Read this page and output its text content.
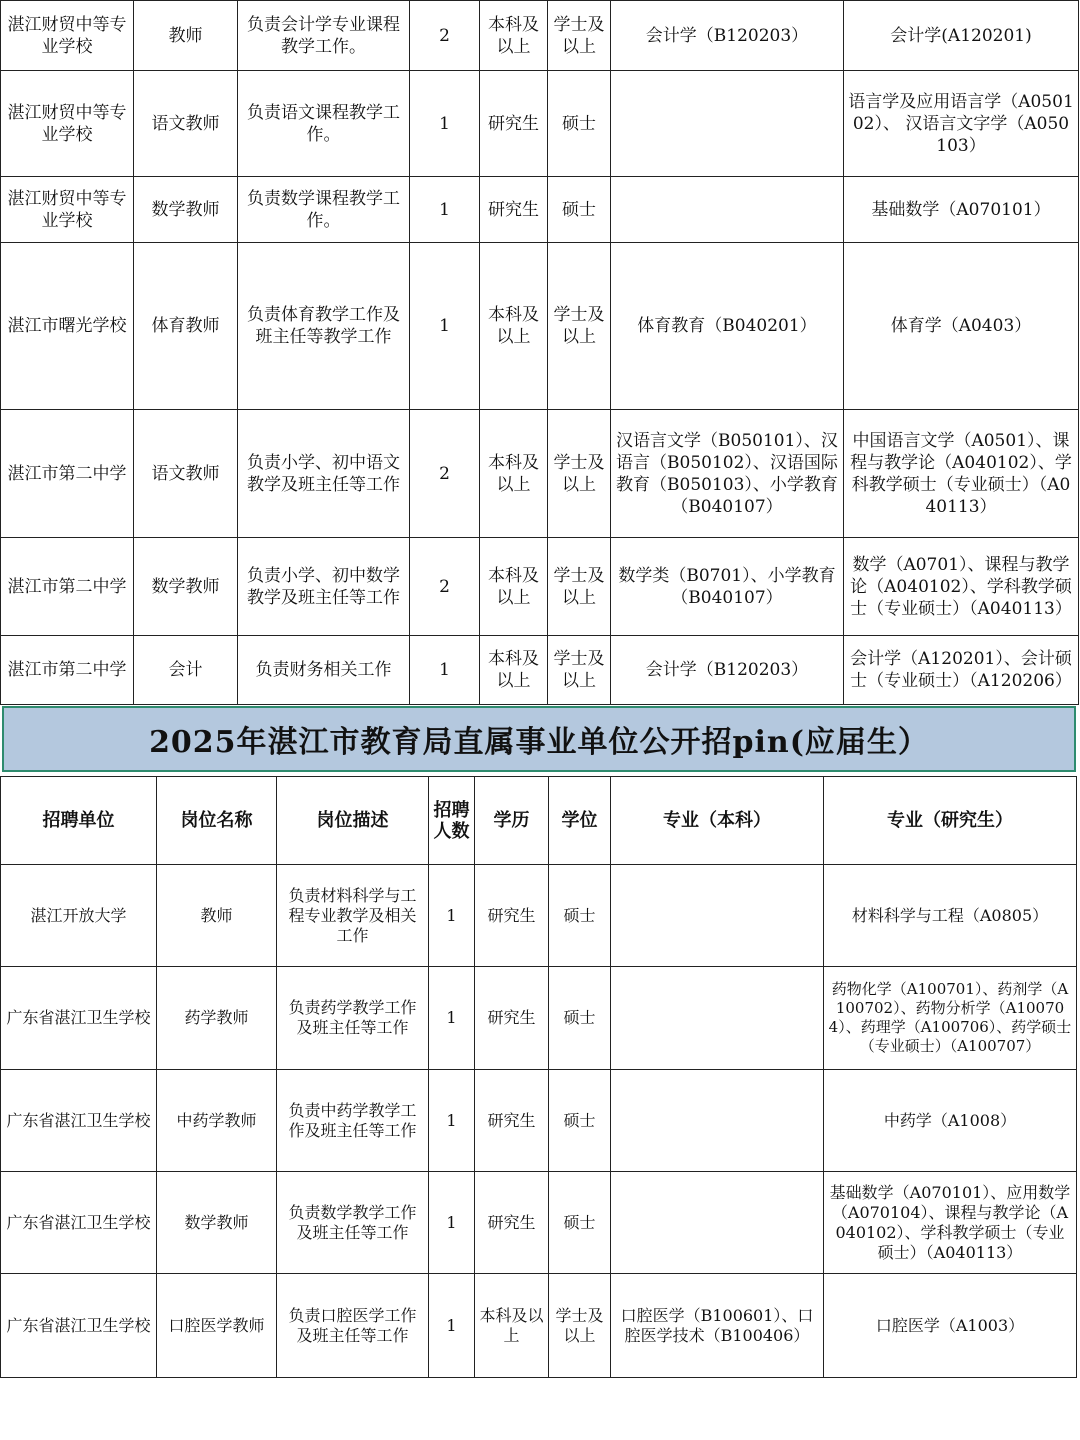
湛江财贸中等专业学校	教师	负责会计学专业课程教学工作。	2	本科及以上	学士及以上	会计学（B120203）	会计学(A120201)
湛江财贸中等专业学校	语文教师	负责语文课程教学工作。	1	研究生	硕士		语言学及应用语言学（A050102）、 汉语言文字学（A050103）
湛江财贸中等专业学校	数学教师	负责数学课程教学工作。	1	研究生	硕士		基础数学（A070101）
湛江市曙光学校	体育教师	负责体育教学工作及班主任等教学工作	1	本科及以上	学士及以上	体育教育（B040201）	体育学（A0403）
湛江市第二中学	语文教师	负责小学、初中语文教学及班主任等工作	2	本科及以上	学士及以上	汉语言文学（B050101）、汉语言（B050102）、汉语国际教育（B050103）、小学教育（B040107）	中国语言文学（A0501）、课程与教学论（A040102）、学科教学硕士（专业硕士）（A040113）
湛江市第二中学	数学教师	负责小学、初中数学教学及班主任等工作	2	本科及以上	学士及以上	数学类（B0701）、小学教育（B040107）	数学（A0701）、课程与教学论（A040102）、学科教学硕士（专业硕士）（A040113）
湛江市第二中学	会计	负责财务相关工作	1	本科及以上	学士及以上	会计学（B120203）	会计学（A120201）、会计硕士（专业硕士）（A120206）
2025年湛江市教育局直属事业单位公开招pin(应届生）
招聘单位	岗位名称	岗位描述	招聘人数	学历	学位	专业（本科）	专业（研究生）
湛江开放大学	教师	负责材料科学与工程专业教学及相关工作	1	研究生	硕士		材料科学与工程（A0805）
广东省湛江卫生学校	药学教师	负责药学教学工作及班主任等工作	1	研究生	硕士		药物化学（A100701）、药剂学（A100702）、药物分析学（A100704）、药理学（A100706）、药学硕士（专业硕士）（A100707）
广东省湛江卫生学校	中药学教师	负责中药学教学工作及班主任等工作	1	研究生	硕士		中药学（A1008）
广东省湛江卫生学校	数学教师	负责数学教学工作及班主任等工作	1	研究生	硕士		基础数学（A070101）、应用数学（A070104）、课程与教学论（A040102）、学科教学硕士（专业硕士）（A040113）
广东省湛江卫生学校	口腔医学教师	负责口腔医学工作及班主任等工作	1	本科及以上	学士及以上	口腔医学（B100601）、口腔医学技术（B100406）	口腔医学（A1003）
